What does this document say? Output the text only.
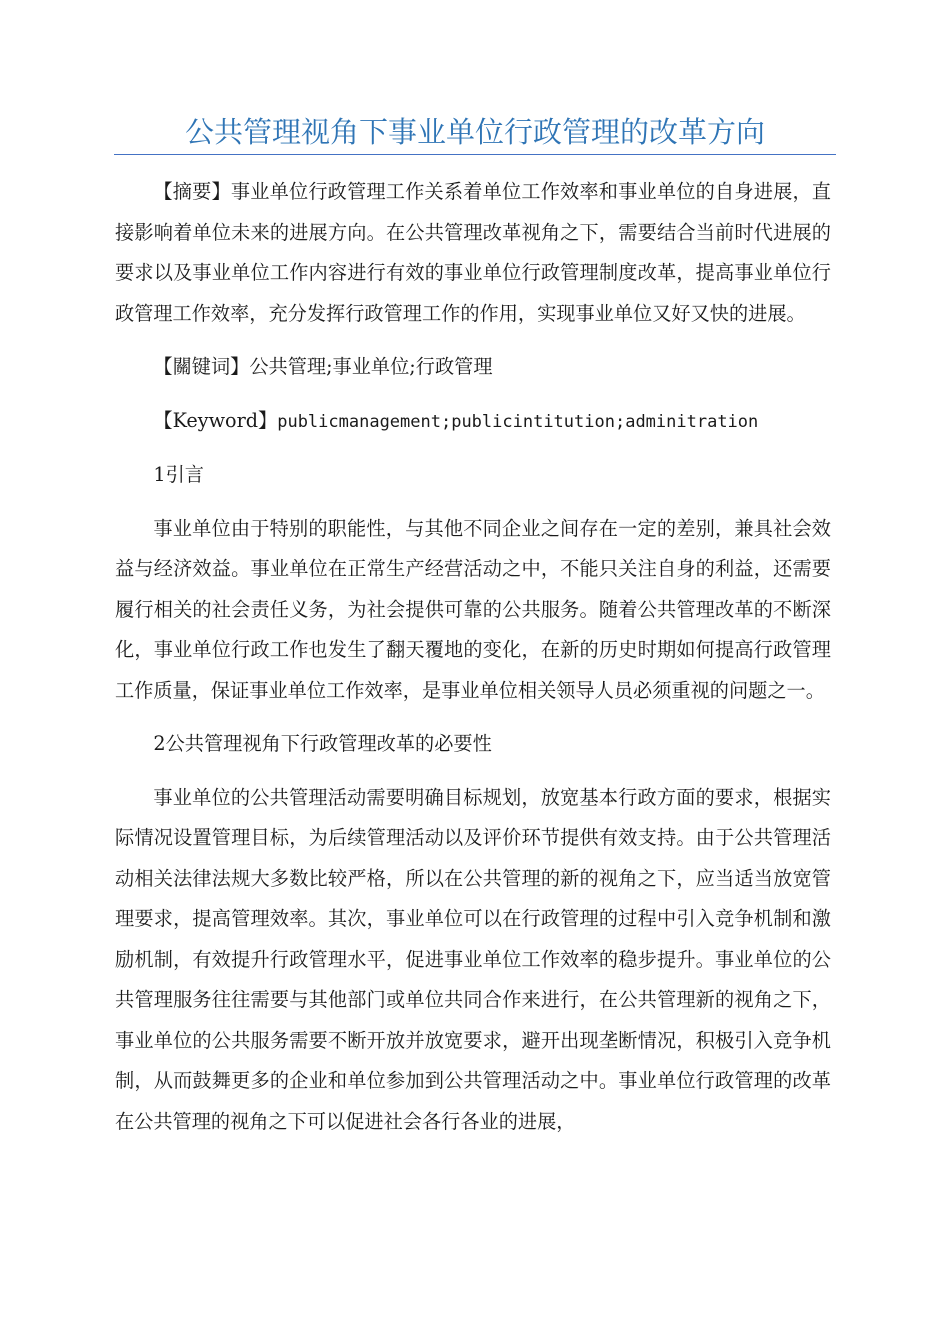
公共管理视角下事业单位行政管理的改革方向

【摘要】事业单位行政管理工作关系着单位工作效率和事业单位的自身进展，直接影响着单位未来的进展方向。在公共管理改革视角之下，需要结合当前时代进展的要求以及事业单位工作内容进行有效的事业单位行政管理制度改革，提高事业单位行政管理工作效率，充分发挥行政管理工作的作用，实现事业单位又好又快的进展。

【關键词】公共管理;事业单位;行政管理

【Keyword】publicmanagement;publicintitution;adminitration

1引言

事业单位由于特别的职能性，与其他不同企业之间存在一定的差别，兼具社会效益与经济效益。事业单位在正常生产经营活动之中，不能只关注自身的利益，还需要履行相关的社会责任义务，为社会提供可靠的公共服务。随着公共管理改革的不断深化，事业单位行政工作也发生了翻天覆地的变化，在新的历史时期如何提高行政管理工作质量，保证事业单位工作效率，是事业单位相关领导人员必须重视的问题之一。

2公共管理视角下行政管理改革的必要性

事业单位的公共管理活动需要明确目标规划，放宽基本行政方面的要求，根据实际情况设置管理目标，为后续管理活动以及评价环节提供有效支持。由于公共管理活动相关法律法规大多数比较严格，所以在公共管理的新的视角之下，应当适当放宽管理要求，提高管理效率。其次，事业单位可以在行政管理的过程中引入竞争机制和激励机制，有效提升行政管理水平，促进事业单位工作效率的稳步提升。事业单位的公共管理服务往往需要与其他部门或单位共同合作来进行，在公共管理新的视角之下，事业单位的公共服务需要不断开放并放宽要求，避开出现垄断情况，积极引入竞争机制，从而鼓舞更多的企业和单位参加到公共管理活动之中。事业单位行政管理的改革在公共管理的视角之下可以促进社会各行各业的进展，
